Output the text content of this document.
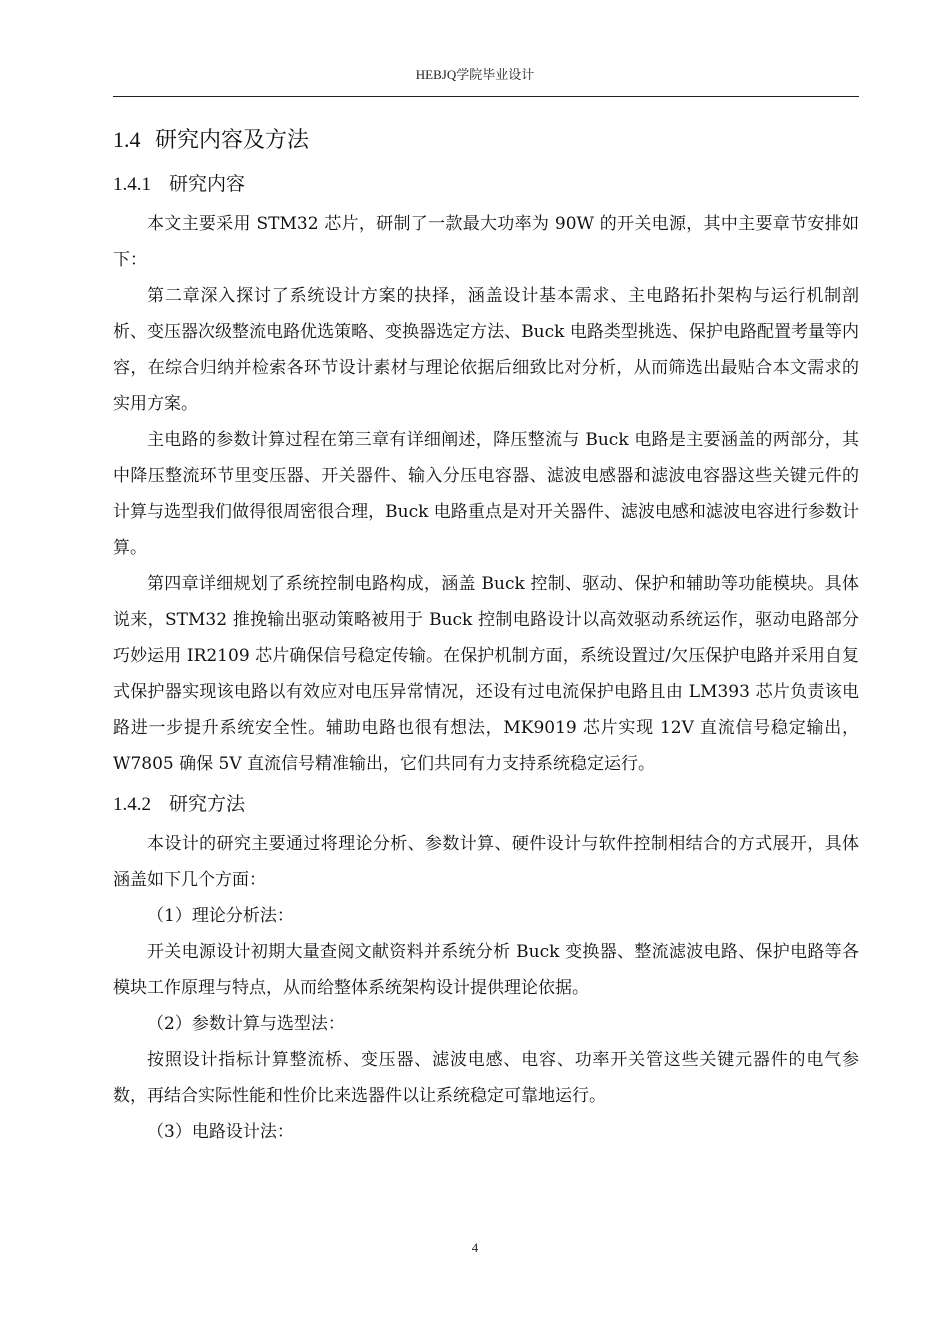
HEBJQ学院毕业设计
1.4 研究内容及方法
1.4.1 研究内容

本文主要采用 STM32 芯片，研制了一款最大功率为 90W 的开关电源，其中主要章节安排如下：

第二章深入探讨了系统设计方案的抉择，涵盖设计基本需求、主电路拓扑架构与运行机制剖析、变压器次级整流电路优选策略、变换器选定方法、Buck 电路类型挑选、保护电路配置考量等内容，在综合归纳并检索各环节设计素材与理论依据后细致比对分析，从而筛选出最贴合本文需求的实用方案。

主电路的参数计算过程在第三章有详细阐述，降压整流与 Buck 电路是主要涵盖的两部分，其中降压整流环节里变压器、开关器件、输入分压电容器、滤波电感器和滤波电容器这些关键元件的计算与选型我们做得很周密很合理，Buck 电路重点是对开关器件、滤波电感和滤波电容进行参数计算。

第四章详细规划了系统控制电路构成，涵盖 Buck 控制、驱动、保护和辅助等功能模块。具体说来，STM32 推挽输出驱动策略被用于 Buck 控制电路设计以高效驱动系统运作，驱动电路部分巧妙运用 IR2109 芯片确保信号稳定传输。在保护机制方面，系统设置过/欠压保护电路并采用自复式保护器实现该电路以有效应对电压异常情况，还设有过电流保护电路且由 LM393 芯片负责该电路进一步提升系统安全性。辅助电路也很有想法，MK9019 芯片实现 12V 直流信号稳定输出，W7805 确保 5V 直流信号精准输出，它们共同有力支持系统稳定运行。

1.4.2 研究方法

本设计的研究主要通过将理论分析、参数计算、硬件设计与软件控制相结合的方式展开，具体涵盖如下几个方面：

（1）理论分析法：

开关电源设计初期大量查阅文献资料并系统分析 Buck 变换器、整流滤波电路、保护电路等各模块工作原理与特点，从而给整体系统架构设计提供理论依据。

（2）参数计算与选型法：

按照设计指标计算整流桥、变压器、滤波电感、电容、功率开关管这些关键元器件的电气参数，再结合实际性能和性价比来选器件以让系统稳定可靠地运行。

（3）电路设计法：

4
